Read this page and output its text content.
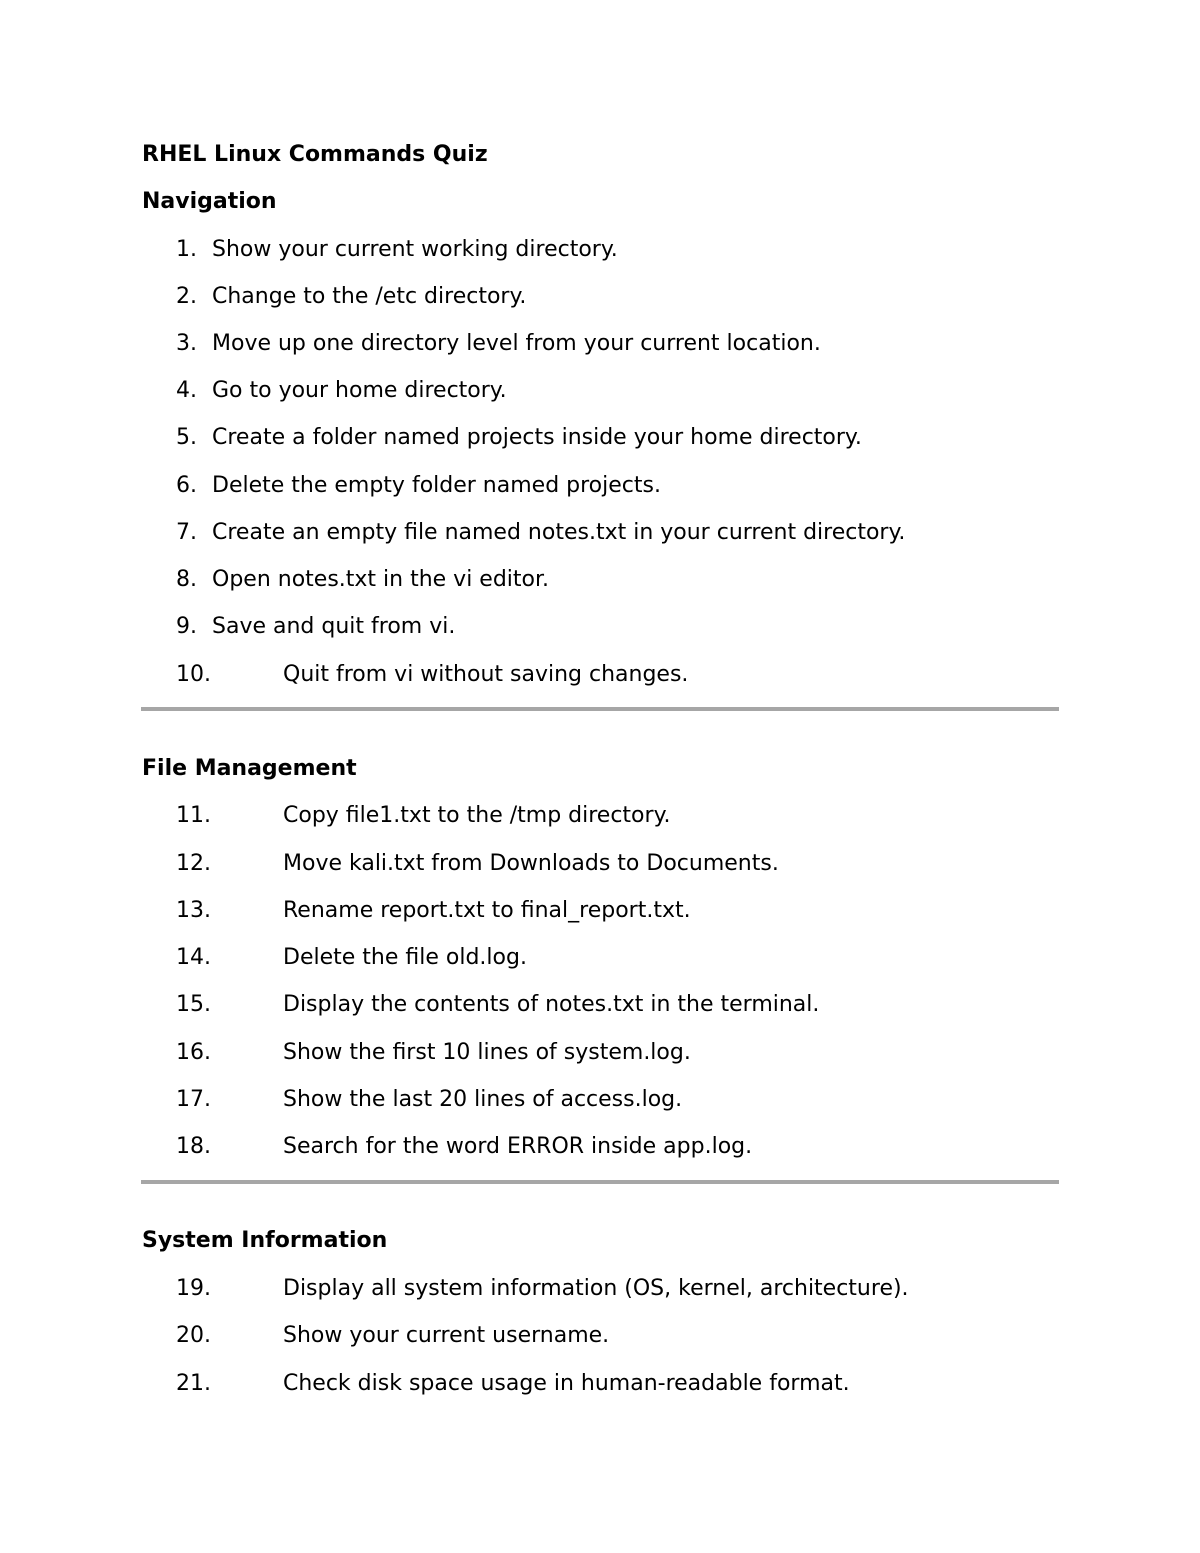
RHEL Linux Commands Quiz
Navigation
1. Show your current working directory.
2. Change to the /etc directory.
3. Move up one directory level from your current location.
4. Go to your home directory.
5. Create a folder named projects inside your home directory.
6. Delete the empty folder named projects.
7. Create an empty file named notes.txt in your current directory.
8. Open notes.txt in the vi editor.
9. Save and quit from vi.
10.	Quit from vi without saving changes.
File Management
11.	Copy file1.txt to the /tmp directory.
12.	Move kali.txt from Downloads to Documents.
13.	Rename report.txt to final_report.txt.
14.	Delete the file old.log.
15.	Display the contents of notes.txt in the terminal.
16.	Show the first 10 lines of system.log.
17.	Show the last 20 lines of access.log.
18.	Search for the word ERROR inside app.log.
System Information
19.	Display all system information (OS, kernel, architecture).
20.	Show your current username.
21.	Check disk space usage in human-readable format.
